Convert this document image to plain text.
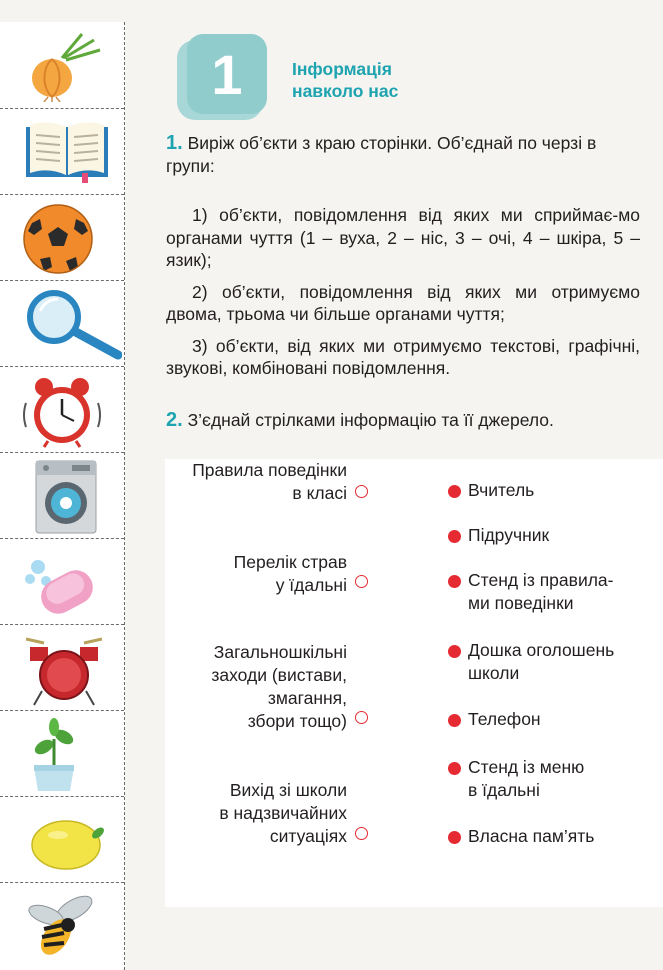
1	Інформація
навколо нас
1. Виріж об’єкти з краю сторінки. Об’єднай по черзі в групи:

1) об’єкти, повідомлення від яких ми сприймає-мо органами чуття (1 – вуха, 2 – ніс, 3 – очі, 4 – шкіра, 5 – язик);

2) об’єкти, повідомлення від яких ми отримуємо двома, трьома чи більше органами чуття;

3) об’єкти, від яких ми отримуємо текстові, графічні, звукові, комбіновані повідомлення.

2. З’єднай стрілками інформацію та її джерело.
Правила поведінки
в класі
Перелік страв
у їдальні
Загальношкільні
заходи (вистави,
змагання,
збори тощо)
Вихід зі школи
в надзвичайних
ситуаціях
Вчитель
Підручник
Стенд із правила-
ми поведінки
Дошка оголошень
школи
Телефон
Стенд із меню
в їдальні
Власна пам’ять
